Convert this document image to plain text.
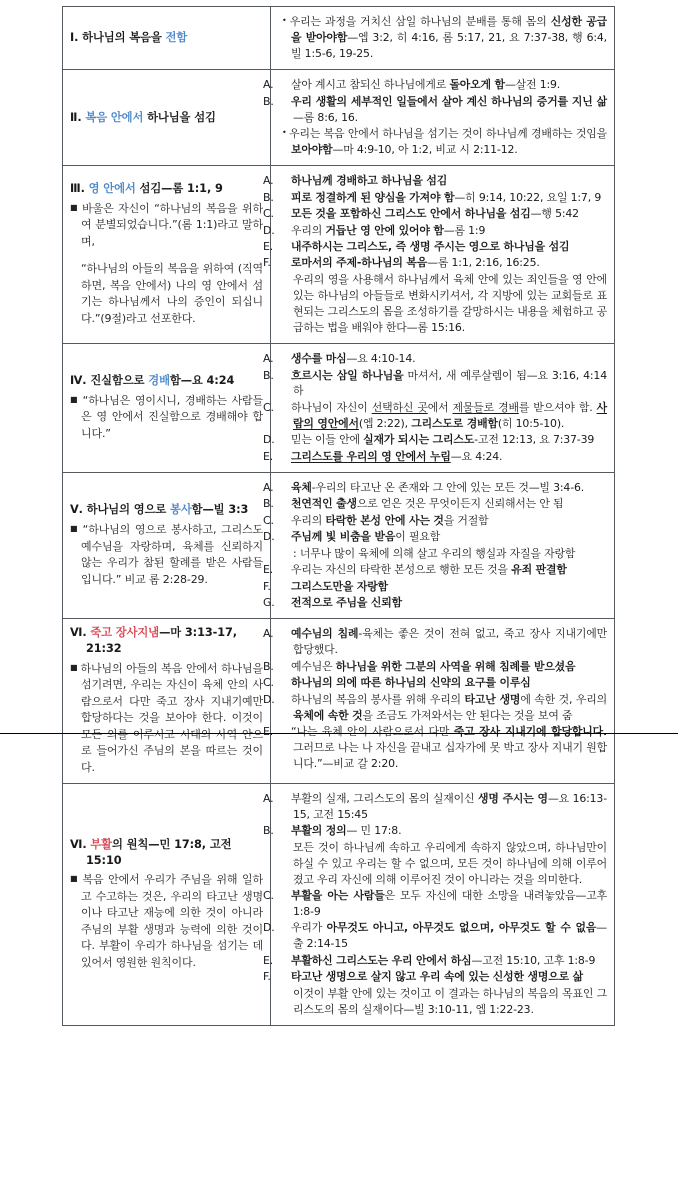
Ⅰ. 하나님의 복음을 전함

• 우리는 과정을 거치신 삼일 하나님의 분배를 통해 몸의 신성한 공급을 받아야함—엡 3:2, 히 4:16, 롬 5:17, 21, 요 7:37-38, 행 6:4, 빌 1:5-6, 19-25.

Ⅱ. 복음 안에서 하나님을 섬김

A.살아 계시고 참되신 하나님에게로 돌아오게 함—살전 1:9.
B.우리 생활의 세부적인 일들에서 살아 계신 하나님의 증거를 지닌 삶—롬 8:6, 16.
• 우리는 복음 안에서 하나님을 섬기는 것이 하나님께 경배하는 것임을 보아야함—마 4:9-10, 아 1:2, 비교 시 2:11-12.

Ⅲ. 영 안에서 섬김—롬 1:1, 9
■ 바울은 자신이 “하나님의 복음을 위하여 분별되었습니다.”(롬 1:1)라고 말하며,
“하나님의 아들의 복음을 위하여 (직역하면, 복음 안에서) 나의 영 안에서 섬기는 하나님께서 나의 증인이 되십니다.”(9절)라고 선포한다.

A.하나님께 경배하고 하나님을 섬김
B.피로 정결하게 된 양심을 가져야 함—히 9:14, 10:22, 요일 1:7, 9
C.모든 것을 포함하신 그리스도 안에서 하나님을 섬김—행 5:42
D.우리의 거듭난 영 안에 있어야 함—롬 1:9
E.내주하시는 그리스도, 즉 생명 주시는 영으로 하나님을 섬김
F.로마서의 주제-하나님의 복음—롬 1:1, 2:16, 16:25.
우리의 영을 사용해서 하나님께서 육체 안에 있는 죄인들을 영 안에 있는 하나님의 아들들로 변화시키셔서, 각 지방에 있는 교회들로 표현되는 그리스도의 몸을 조성하기를 갈망하시는 내용을 체험하고 공급하는 법을 배워야 한다—롬 15:16.

Ⅳ. 진실함으로 경배함—요 4:24
■ “하나님은 영이시니, 경배하는 사람들은 영 안에서 진실함으로 경배해야 합니다.”

A.생수를 마심—요 4:10-14.
B.흐르시는 삼일 하나님을 마셔서, 새 예루살렘이 됨—요 3:16, 4:14하
C.하나님이 자신이 선택하신 곳에서 제물들로 경배를 받으셔야 함. 사람의 영안에서(엡 2:22), 그리스도로 경배함(히 10:5-10).
D.믿는 이들 안에 실재가 되시는 그리스도-고전 12:13, 요 7:37-39
E.그리스도를 우리의 영 안에서 누림—요 4:24.

Ⅴ. 하나님의 영으로 봉사함—빌 3:3
■ “하나님의 영으로 봉사하고, 그리스도 예수님을 자랑하며, 육체를 신뢰하지 않는 우리가 참된 할례를 받은 사람들입니다.” 비교 롬 2:28-29.

A.육체-우리의 타고난 온 존재와 그 안에 있는 모든 것—빌 3:4-6.
B.천연적인 출생으로 얻은 것은 무엇이든지 신뢰해서는 안 됨
C.우리의 타락한 본성 안에 사는 것을 거절함
D.주님께 빛 비춤을 받음이 필요함
: 너무나 많이 육체에 의해 살고 우리의 행실과 자질을 자랑함
E.우리는 자신의 타락한 본성으로 행한 모든 것을 유죄 판결함
F.그리스도만을 자랑함
G.전적으로 주님을 신뢰함

Ⅵ. 죽고 장사지냄—마 3:13-17, 21:32
■ 하나님의 아들의 복음 안에서 하나님을 섬기려면, 우리는 자신이 육체 안의 사람으로서 다만 죽고 장사 지내기예만 합당하다는 것을 보아야 한다. 이것이 모든 의를 이루시고 시대의 사역 안으로 들어가신 주님의 본을 따르는 것이다.

A.예수님의 침례-육체는 좋은 것이 전혀 없고, 죽고 장사 지내기에만 합당했다.
B.예수님은 하나님을 위한 그분의 사역을 위해 침례를 받으셨음
C.하나님의 의에 따른 하나님의 신약의 요구를 이루심
D.하나님의 복음의 봉사를 위해 우리의 타고난 생명에 속한 것, 우리의 육체에 속한 것을 조금도 가져와서는 안 된다는 것을 보여 줌
E.“나는 육체 안의 사람으로서 다만 죽고 장사 지내기에 합당합니다. 그러므로 나는 나 자신을 끝내고 십자가에 못 박고 장사 지내기 원합니다.”—비교 갈 2:20.

Ⅵ. 부활의 원칙—민 17:8, 고전 15:10
■ 복음 안에서 우리가 주님을 위해 일하고 수고하는 것은, 우리의 타고난 생명이나 타고난 재능에 의한 것이 아니라 주님의 부활 생명과 능력에 의한 것이다. 부활이 우리가 하나님을 섬기는 데 있어서 영원한 원칙이다.

A.부활의 실재, 그리스도의 몸의 실재이신 생명 주시는 영—요 16:13-15, 고전 15:45
B.부활의 정의— 민 17:8.
모든 것이 하나님께 속하고 우리에게 속하지 않았으며, 하나님만이 하실 수 있고 우리는 할 수 없으며, 모든 것이 하나님에 의해 이루어 졌고 우리 자신에 의해 이루어진 것이 아니라는 것을 의미한다.
C.부활을 아는 사람들은 모두 자신에 대한 소망을 내려놓았음—고후 1:8-9
D.우리가 아무것도 아니고, 아무것도 없으며, 아무것도 할 수 없음—출 2:14-15
E.부활하신 그리스도는 우리 안에서 하심—고전 15:10, 고후 1:8-9
F.타고난 생명으로 살지 않고 우리 속에 있는 신성한 생명으로 삶
이것이 부활 안에 있는 것이고 이 결과는 하나님의 복음의 목표인 그리스도의 몸의 실재이다—빌 3:10-11, 엡 1:22-23.
